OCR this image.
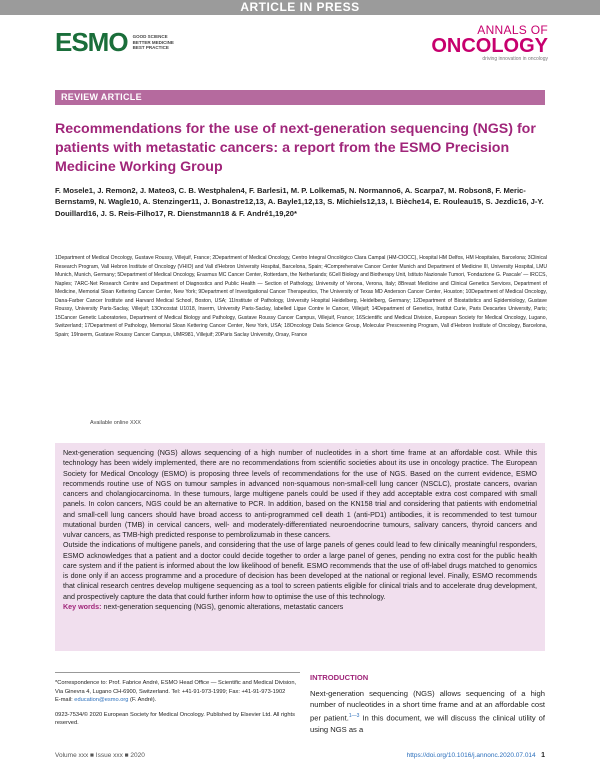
ARTICLE IN PRESS
ESMO GOOD SCIENCE
BETTER MEDICINE
BEST PRACTICE
ANNALS OF
ONCOLOGY
driving innovation in oncology
REVIEW ARTICLE
Recommendations for the use of next-generation sequencing (NGS) for patients with metastatic cancers: a report from the ESMO Precision Medicine Working Group
F. Mosele1, J. Remon2, J. Mateo3, C. B. Westphalen4, F. Barlesi1, M. P. Lolkema5, N. Normanno6, A. Scarpa7, M. Robson8, F. Meric-Bernstam9, N. Wagle10, A. Stenzinger11, J. Bonastre12,13, A. Bayle1,12,13, S. Michiels12,13, I. Bièche14, E. Rouleau15, S. Jezdic16, J-Y. Douillard16, J. S. Reis-Filho17, R. Dienstmann18 & F. André1,19,20*
1Department of Medical Oncology, Gustave Roussy, Villejuif, France; 2Department of Medical Oncology, Centro Integral Oncológico Clara Campal (HM-CIOCC), Hospital HM Delfos, HM Hospitales, Barcelona; 3Clinical Research Program, Vall Hebron Institute of Oncology (VHIO) and Vall d'Hebron University Hospital, Barcelona, Spain; 4Comprehensive Cancer Center Munich and Department of Medicine III, University Hospital, LMU Munich, Munich, Germany; 5Department of Medical Oncology, Erasmus MC Cancer Center, Rotterdam, the Netherlands; 6Cell Biology and Biotherapy Unit, Istituto Nazionale Tumori, 'Fondazione G. Pascale' — IRCCS, Naples; 7ARC-Net Research Centre and Department of Diagnostics and Public Health — Section of Pathology, University of Verona, Verona, Italy; 8Breast Medicine and Clinical Genetics Services, Department of Medicine, Memorial Sloan Kettering Cancer Center, New York; 9Department of Investigational Cancer Therapeutics, The University of Texas MD Anderson Cancer Center, Houston; 10Department of Medical Oncology, Dana-Farber Cancer Institute and Harvard Medical School, Boston, USA; 11Institute of Pathology, University Hospital Heidelberg, Heidelberg, Germany; 12Department of Biostatistics and Epidemiology, Gustave Roussy, University Paris-Saclay, Villejuif; 13Oncostat U1018, Inserm, University Paris-Saclay, labelled Ligue Contre le Cancer, Villejuif; 14Department of Genetics, Institut Curie, Paris Descartes University, Paris; 15Cancer Genetic Laboratories, Department of Medical Biology and Pathology, Gustave Roussy Cancer Campus, Villejuif, France; 16Scientific and Medical Division, European Society for Medical Oncology, Lugano, Switzerland; 17Department of Pathology, Memorial Sloan Kettering Cancer Center, New York, USA; 18Oncology Data Science Group, Molecular Prescreening Program, Vall d'Hebron Institute of Oncology, Barcelona, Spain; 19Inserm, Gustave Roussy Cancer Campus, UMR981, Villejuif; 20Paris Saclay University, Orsay, France
Available online XXX

Next-generation sequencing (NGS) allows sequencing of a high number of nucleotides in a short time frame at an affordable cost. While this technology has been widely implemented, there are no recommendations from scientific societies about its use in oncology practice. The European Society for Medical Oncology (ESMO) is proposing three levels of recommendations for the use of NGS. Based on the current evidence, ESMO recommends routine use of NGS on tumour samples in advanced non-squamous non-small-cell lung cancer (NSCLC), prostate cancers, ovarian cancers and cholangiocarcinoma. In these tumours, large multigene panels could be used if they add acceptable extra cost compared with small panels. In colon cancers, NGS could be an alternative to PCR. In addition, based on the KN158 trial and considering that patients with endometrial and small-cell lung cancers should have broad access to anti-programmed cell death 1 (anti-PD1) antibodies, it is recommended to test tumour mutational burden (TMB) in cervical cancers, well- and moderately-differentiated neuroendocrine tumours, salivary cancers, thyroid cancers and vulvar cancers, as TMB-high predicted response to pembrolizumab in these cancers.

Outside the indications of multigene panels, and considering that the use of large panels of genes could lead to few clinically meaningful responders, ESMO acknowledges that a patient and a doctor could decide together to order a large panel of genes, pending no extra cost for the public health care system and if the patient is informed about the low likelihood of benefit. ESMO recommends that the use of off-label drugs matched to genomics is done only if an access programme and a procedure of decision has been developed at the national or regional level. Finally, ESMO recommends that clinical research centres develop multigene sequencing as a tool to screen patients eligible for clinical trials and to accelerate drug development, and prospectively capture the data that could further inform how to optimise the use of this technology.

Key words: next-generation sequencing (NGS), genomic alterations, metastatic cancers

*Correspondence to: Prof. Fabrice André, ESMO Head Office — Scientific and Medical Division, Via Ginevra 4, Lugano CH-6900, Switzerland. Tel: +41-91-973-1999; Fax: +41-91-973-1902
E-mail: education@esmo.org (F. André).
0923-7534/© 2020 European Society for Medical Oncology. Published by Elsevier Ltd. All rights reserved.
INTRODUCTION
Next-generation sequencing (NGS) allows sequencing of a high number of nucleotides in a short time frame and at an affordable cost per patient.$^{1—3}$ In this document, we will discuss the clinical utility of using NGS as a
Volume xxx ■ Issue xxx ■ 2020	https://doi.org/10.1016/j.annonc.2020.07.014 1
